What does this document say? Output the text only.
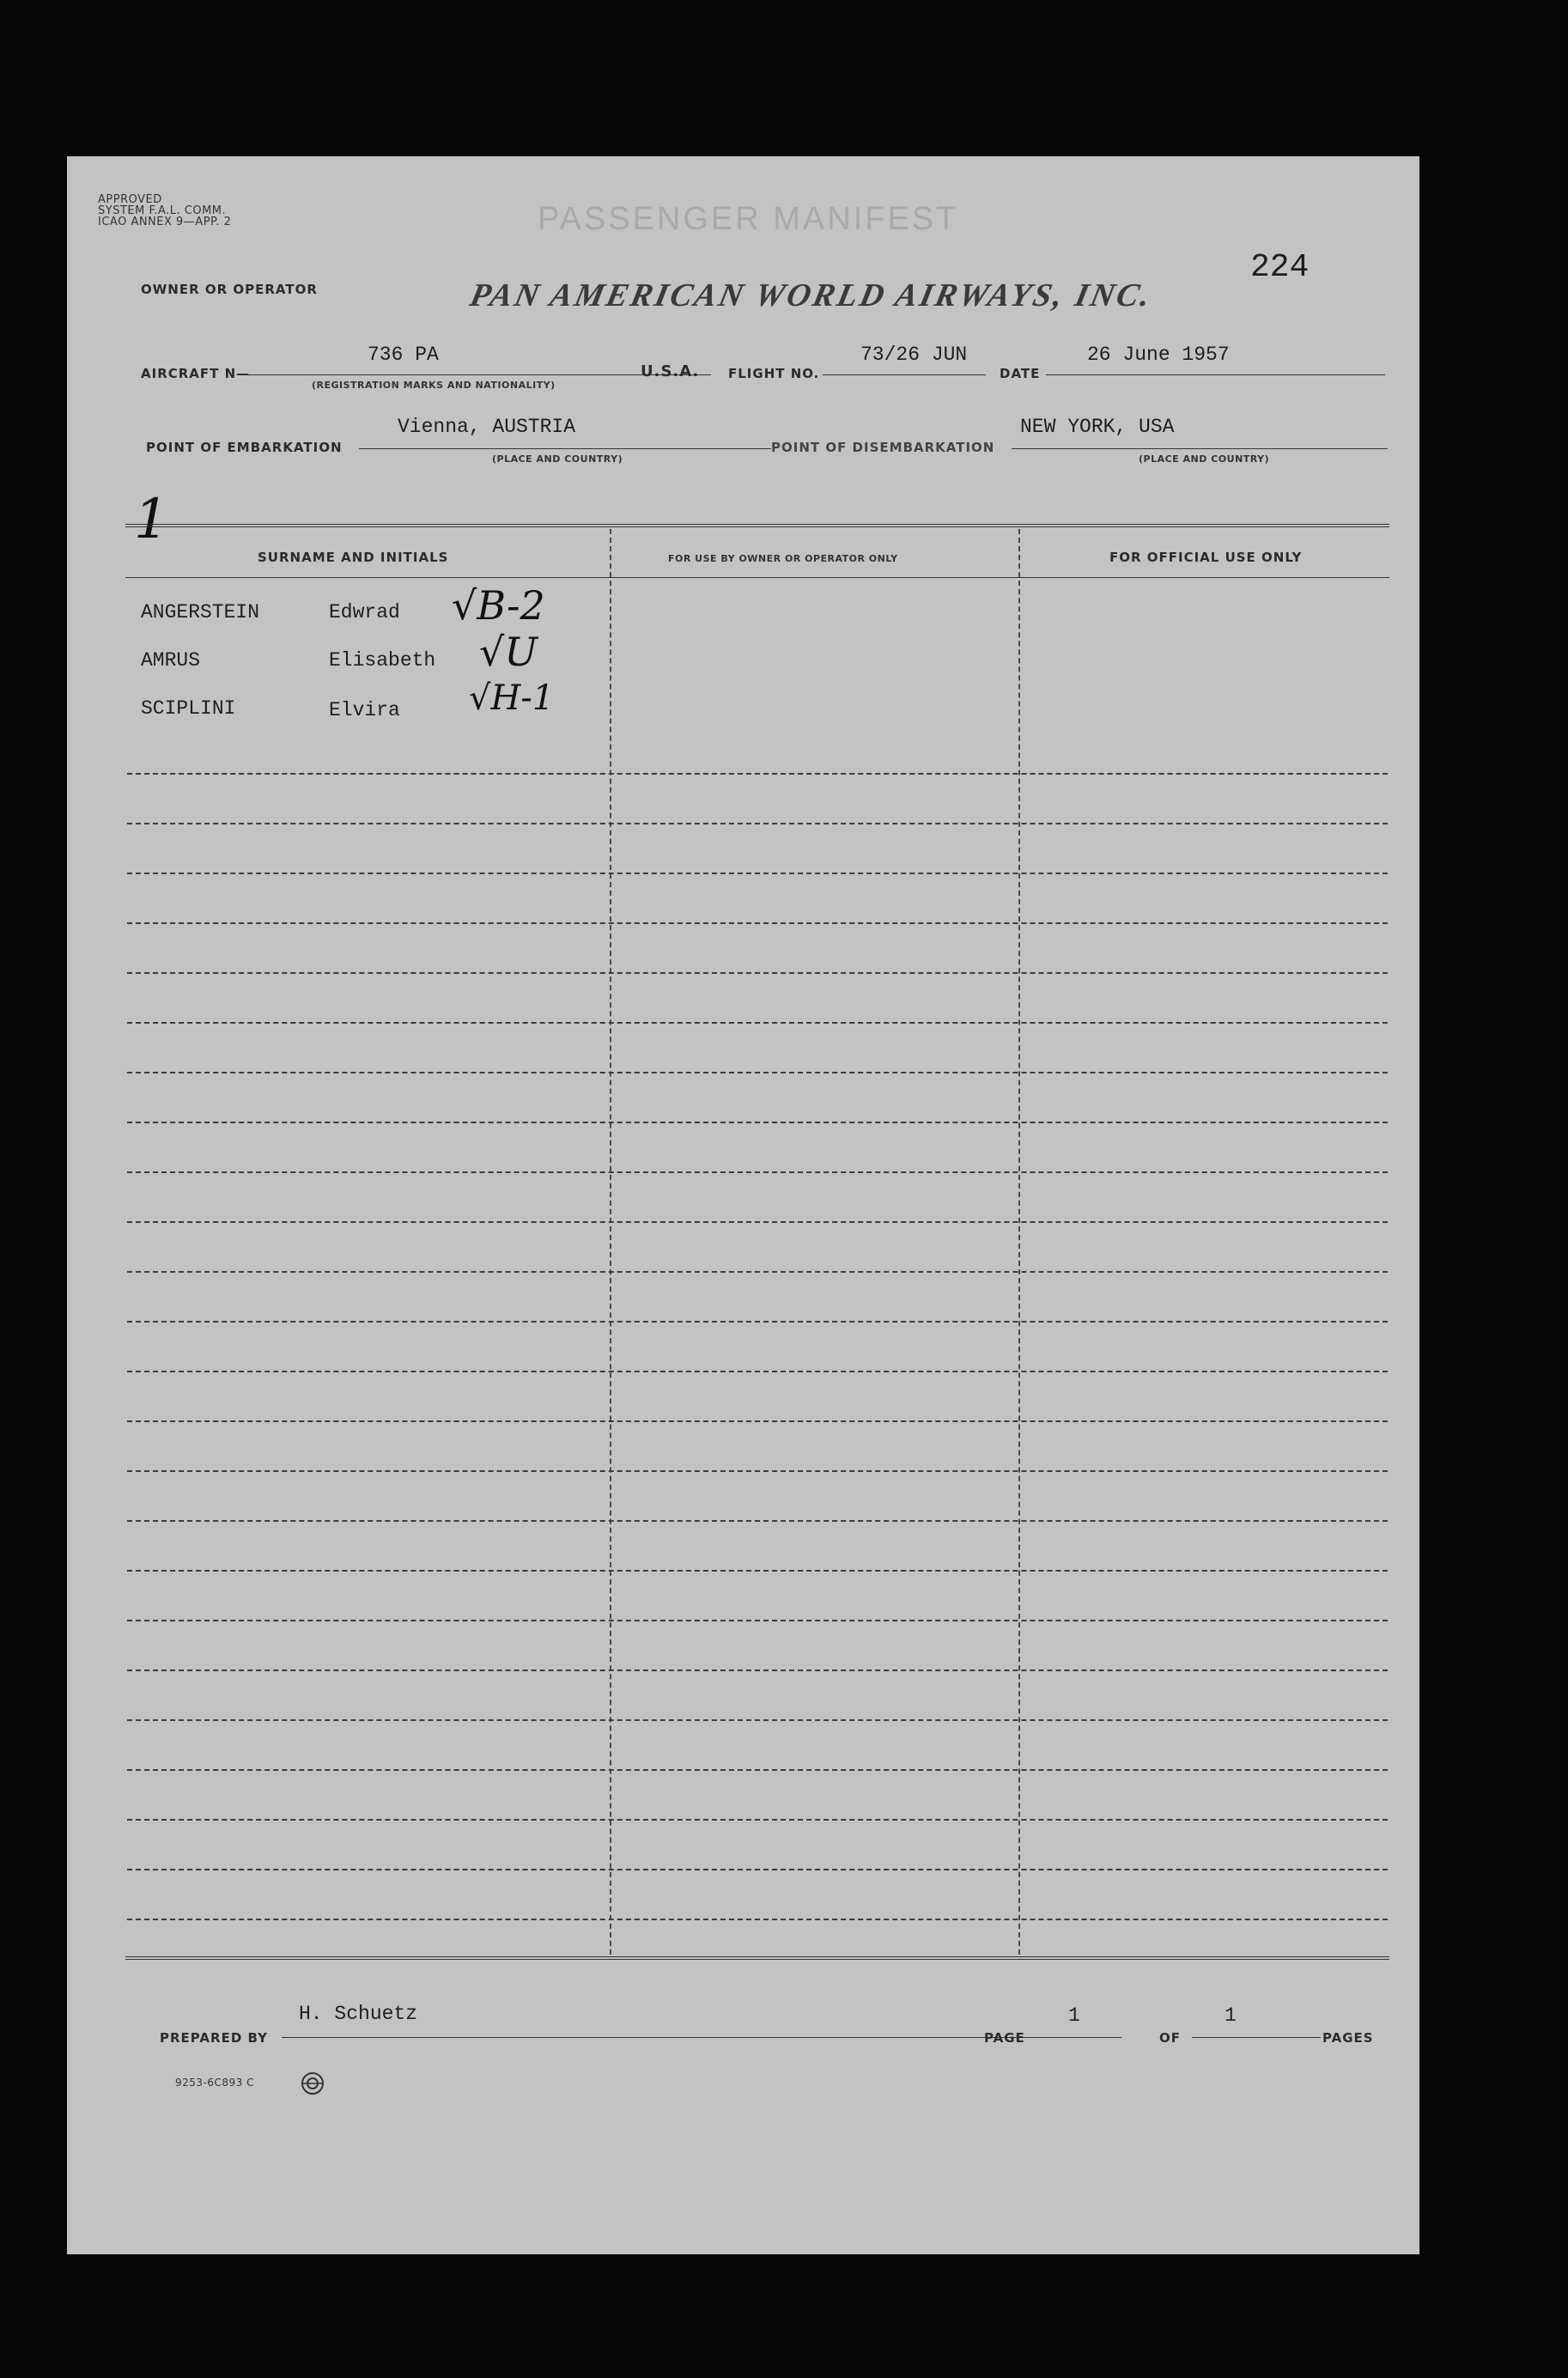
APPROVED
SYSTEM F.A.L. COMM.
ICAO ANNEX 9—APP. 2	PASSENGER MANIFEST
224
OWNER OR OPERATOR	PAN AMERICAN WORLD AIRWAYS, INC.
AIRCRAFT N—
736 PA
(REGISTRATION MARKS AND NATIONALITY)
U.S.A. FLIGHT NO.
73/26 JUN
DATE
26 June 1957
POINT OF EMBARKATION
Vienna, AUSTRIA
(PLACE AND COUNTRY)
POINT OF DISEMBARKATION
NEW YORK, USA
(PLACE AND COUNTRY)
1
SURNAME AND INITIALS	FOR USE BY OWNER OR OPERATOR ONLY	FOR OFFICIAL USE ONLY
ANGERSTEIN	Edwrad √B-2
AMRUS	Elisabeth √U
SCIPLINI	Elvira √H-1
H. Schuetz
PREPARED BY	PAGE
1
OF
1
PAGES
9253-6C893 C
